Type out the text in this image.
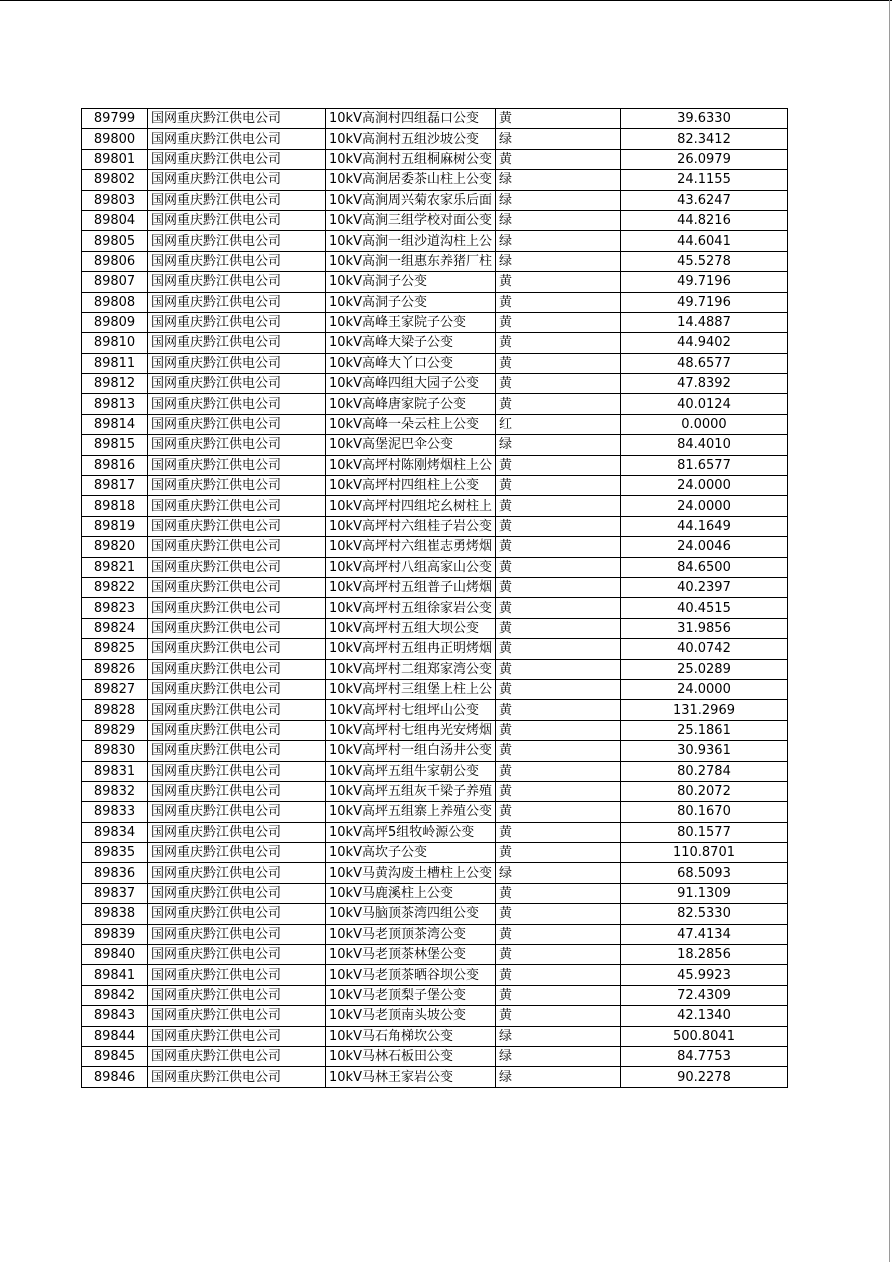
89799	国网重庆黔江供电公司	10kV高涧村四组磊口公变	黄	39.6330
89800	国网重庆黔江供电公司	10kV高涧村五组沙坡公变	绿	82.3412
89801	国网重庆黔江供电公司	10kV高涧村五组桐麻树公变	黄	26.0979
89802	国网重庆黔江供电公司	10kV高涧居委茶山柱上公变	绿	24.1155
89803	国网重庆黔江供电公司	10kV高涧周兴菊农家乐后面	绿	43.6247
89804	国网重庆黔江供电公司	10kV高涧三组学校对面公变	绿	44.8216
89805	国网重庆黔江供电公司	10kV高涧一组沙道沟柱上公	绿	44.6041
89806	国网重庆黔江供电公司	10kV高涧一组惠东养猪厂柱	绿	45.5278
89807	国网重庆黔江供电公司	10kV高洞子公变	黄	49.7196
89808	国网重庆黔江供电公司	10kV高洞子公变	黄	49.7196
89809	国网重庆黔江供电公司	10kV高峰王家院子公变	黄	14.4887
89810	国网重庆黔江供电公司	10kV高峰大梁子公变	黄	44.9402
89811	国网重庆黔江供电公司	10kV高峰大丫口公变	黄	48.6577
89812	国网重庆黔江供电公司	10kV高峰四组大园子公变	黄	47.8392
89813	国网重庆黔江供电公司	10kV高峰唐家院子公变	黄	40.0124
89814	国网重庆黔江供电公司	10kV高峰一朵云柱上公变	红	0.0000
89815	国网重庆黔江供电公司	10kV高堡泥巴伞公变	绿	84.4010
89816	国网重庆黔江供电公司	10kV高坪村陈刚烤烟柱上公	黄	81.6577
89817	国网重庆黔江供电公司	10kV高坪村四组柱上公变	黄	24.0000
89818	国网重庆黔江供电公司	10kV高坪村四组坨幺树柱上	黄	24.0000
89819	国网重庆黔江供电公司	10kV高坪村六组桂子岩公变	黄	44.1649
89820	国网重庆黔江供电公司	10kV高坪村六组崔志勇烤烟	黄	24.0046
89821	国网重庆黔江供电公司	10kV高坪村八组高家山公变	黄	84.6500
89822	国网重庆黔江供电公司	10kV高坪村五组普子山烤烟	黄	40.2397
89823	国网重庆黔江供电公司	10kV高坪村五组徐家岩公变	黄	40.4515
89824	国网重庆黔江供电公司	10kV高坪村五组大坝公变	黄	31.9856
89825	国网重庆黔江供电公司	10kV高坪村五组冉正明烤烟	黄	40.0742
89826	国网重庆黔江供电公司	10kV高坪村二组郑家湾公变	黄	25.0289
89827	国网重庆黔江供电公司	10kV高坪村三组堡上柱上公	黄	24.0000
89828	国网重庆黔江供电公司	10kV高坪村七组坪山公变	黄	131.2969
89829	国网重庆黔江供电公司	10kV高坪村七组冉光安烤烟	黄	25.1861
89830	国网重庆黔江供电公司	10kV高坪村一组白汤井公变	黄	30.9361
89831	国网重庆黔江供电公司	10kV高坪五组牛家朝公变	黄	80.2784
89832	国网重庆黔江供电公司	10kV高坪五组灰千梁子养殖	黄	80.2072
89833	国网重庆黔江供电公司	10kV高坪五组寨上养殖公变	黄	80.1670
89834	国网重庆黔江供电公司	10kV高坪5组牧岭源公变	黄	80.1577
89835	国网重庆黔江供电公司	10kV高坎子公变	黄	110.8701
89836	国网重庆黔江供电公司	10kV马黄沟废土槽柱上公变	绿	68.5093
89837	国网重庆黔江供电公司	10kV马鹿溪柱上公变	黄	91.1309
89838	国网重庆黔江供电公司	10kV马脑顶茶湾四组公变	黄	82.5330
89839	国网重庆黔江供电公司	10kV马老顶顶茶湾公变	黄	47.4134
89840	国网重庆黔江供电公司	10kV马老顶茶林堡公变	黄	18.2856
89841	国网重庆黔江供电公司	10kV马老顶茶晒谷坝公变	黄	45.9923
89842	国网重庆黔江供电公司	10kV马老顶梨子堡公变	黄	72.4309
89843	国网重庆黔江供电公司	10kV马老顶南头坡公变	黄	42.1340
89844	国网重庆黔江供电公司	10kV马石角梯坎公变	绿	500.8041
89845	国网重庆黔江供电公司	10kV马林石板田公变	绿	84.7753
89846	国网重庆黔江供电公司	10kV马林王家岩公变	绿	90.2278
